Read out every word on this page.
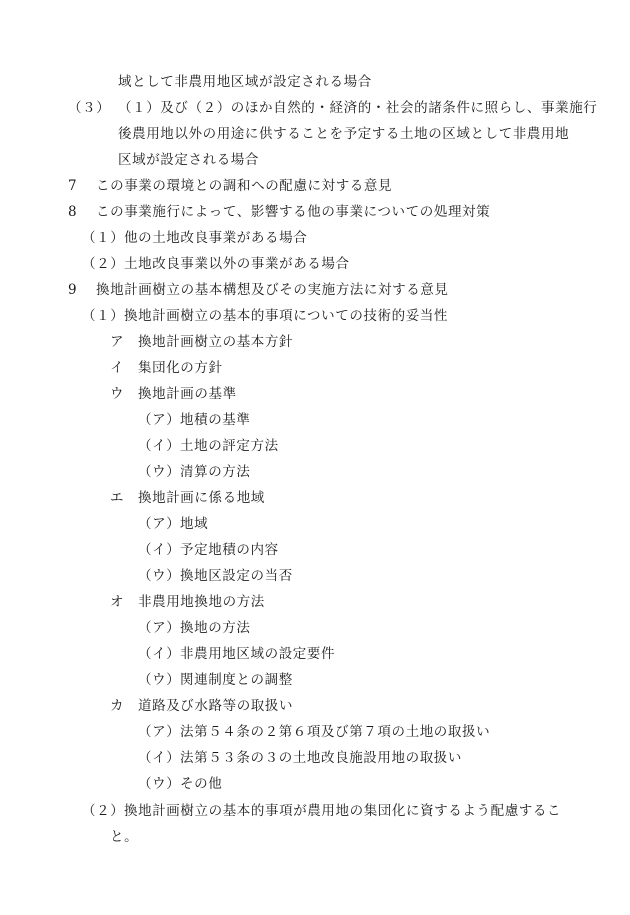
域として非農用地区域が設定される場合
（３） （１）及び（２）のほか自然的・経済的・社会的諸条件に照らし、事業施行
後農用地以外の用途に供することを予定する土地の区域として非農用地
区域が設定される場合
7 この事業の環境との調和への配慮に対する意見
8 この事業施行によって、影響する他の事業についての処理対策
（１） 他の土地改良事業がある場合
（２） 土地改良事業以外の事業がある場合
9 換地計画樹立の基本構想及びその実施方法に対する意見
（１） 換地計画樹立の基本的事項についての技術的妥当性
ア 換地計画樹立の基本方針
イ 集団化の方針
ウ 換地計画の基準
（ア） 地積の基準
（イ） 土地の評定方法
（ウ） 清算の方法
エ 換地計画に係る地域
（ア） 地域
（イ） 予定地積の内容
（ウ） 換地区設定の当否
オ 非農用地換地の方法
（ア） 換地の方法
（イ） 非農用地区域の設定要件
（ウ） 関連制度との調整
カ 道路及び水路等の取扱い
（ア） 法第５４条の２第６項及び第７項の土地の取扱い
（イ） 法第５３条の３の土地改良施設用地の取扱い
（ウ） その他
（２） 換地計画樹立の基本的事項が農用地の集団化に資するよう配慮するこ
と。
